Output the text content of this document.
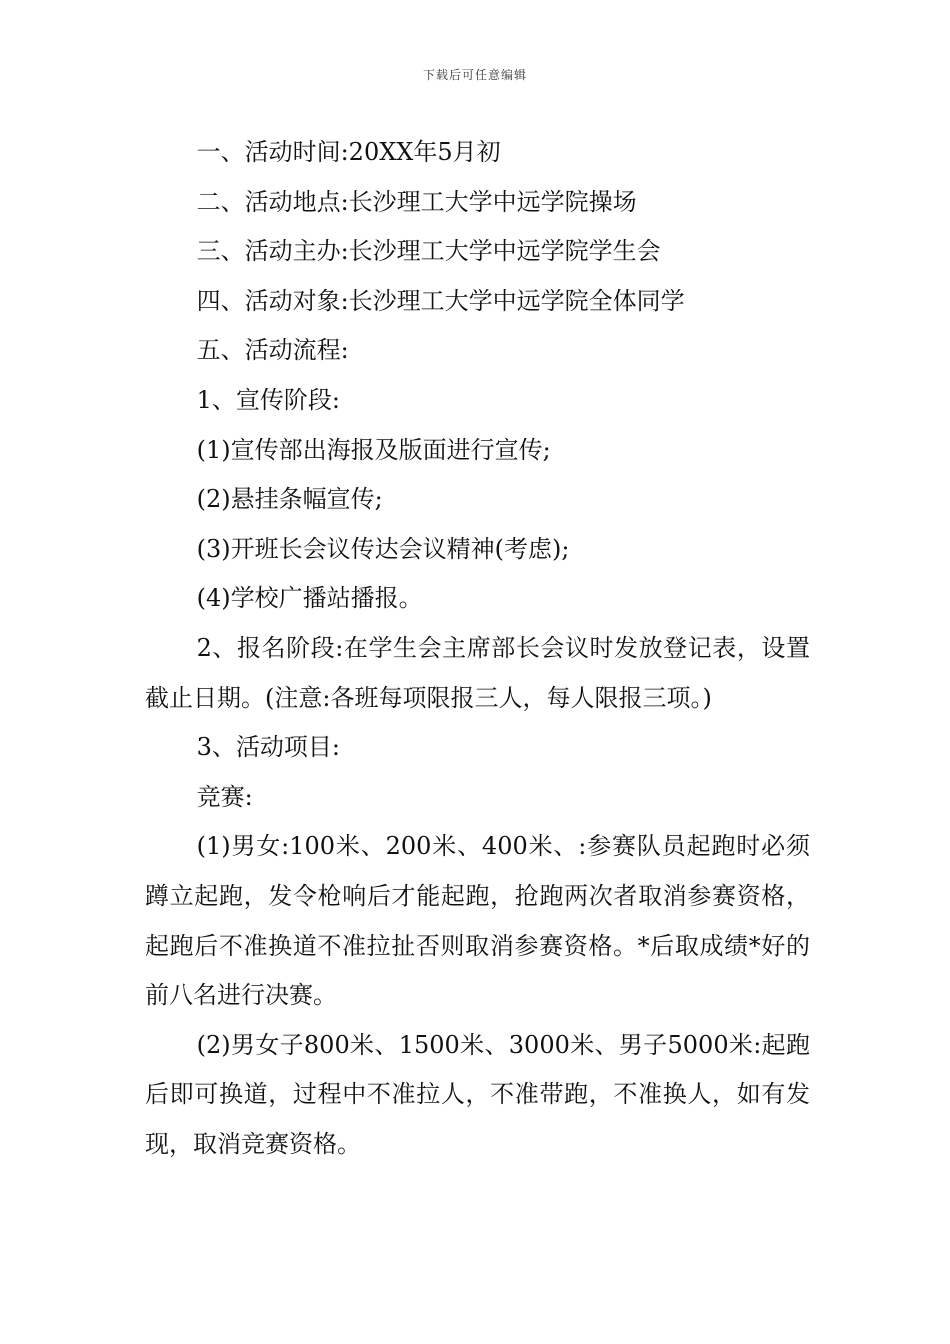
下载后可任意编辑

一、活动时间:20XX年5月初

二、活动地点:长沙理工大学中远学院操场

三、活动主办:长沙理工大学中远学院学生会

四、活动对象:长沙理工大学中远学院全体同学

五、活动流程:

1、宣传阶段:

(1)宣传部出海报及版面进行宣传;

(2)悬挂条幅宣传;

(3)开班长会议传达会议精神(考虑);

(4)学校广播站播报。

2、报名阶段:在学生会主席部长会议时发放登记表，设置截止日期。(注意:各班每项限报三人，每人限报三项。)

3、活动项目:

竞赛:

(1)男女:100米、200米、400米、:参赛队员起跑时必须蹲立起跑，发令枪响后才能起跑，抢跑两次者取消参赛资格，起跑后不准换道不准拉扯否则取消参赛资格。*后取成绩*好的前八名进行决赛。

(2)男女子800米、1500米、3000米、男子5000米:起跑后即可换道，过程中不准拉人，不准带跑，不准换人，如有发现，取消竞赛资格。
